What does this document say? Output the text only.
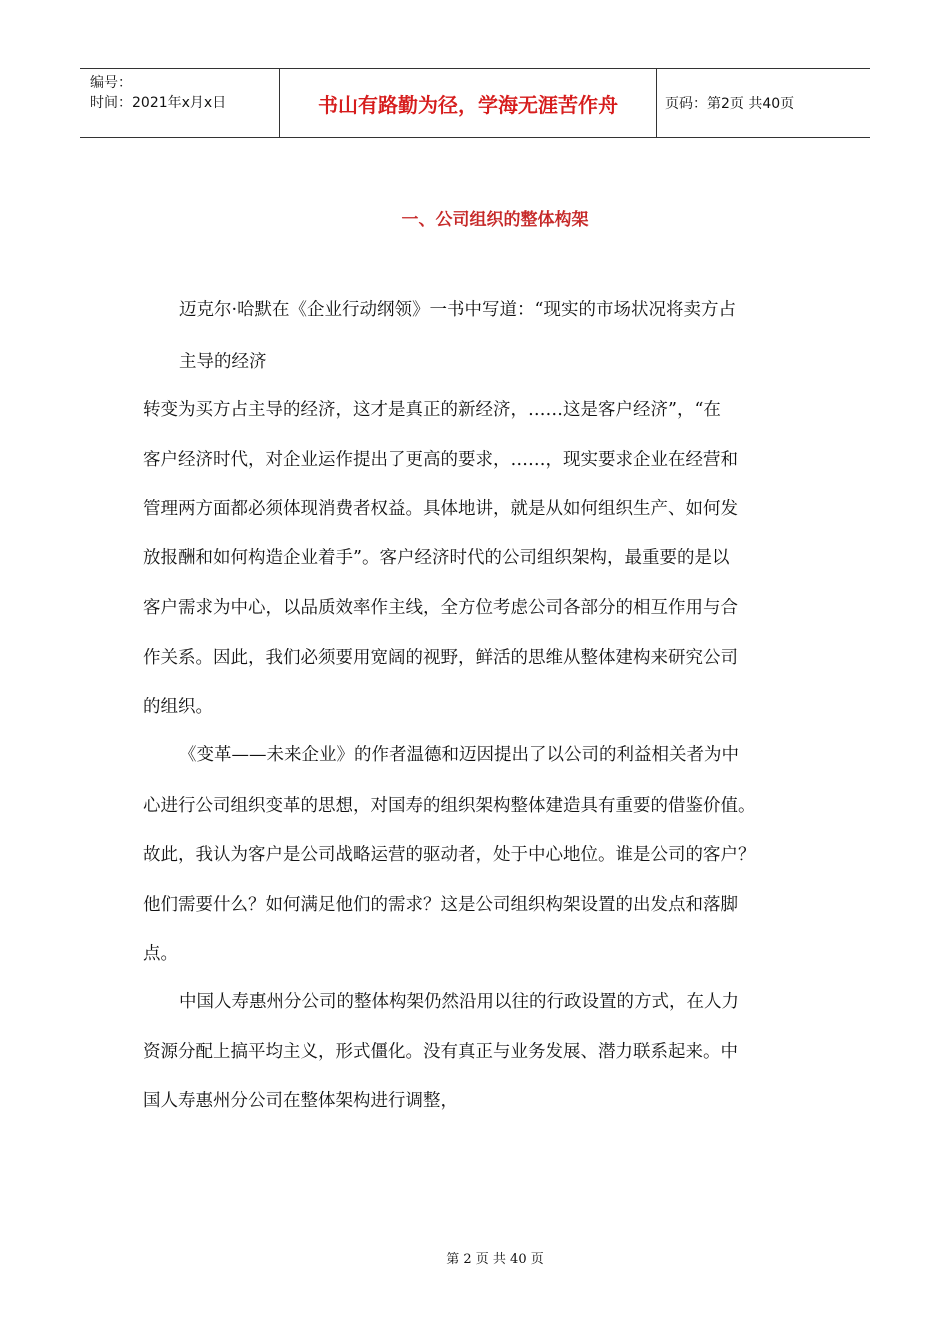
编号：
时间：2021年x月x日	书山有路勤为径，学海无涯苦作舟	页码：第2页 共40页
一、公司组织的整体构架
迈克尔·哈默在《企业行动纲领》一书中写道：“现实的市场状况将卖方占
主导的经济
转变为买方占主导的经济，这才是真正的新经济，……这是客户经济”，“在
客户经济时代，对企业运作提出了更高的要求，……，现实要求企业在经营和
管理两方面都必须体现消费者权益。具体地讲，就是从如何组织生产、如何发
放报酬和如何构造企业着手”。客户经济时代的公司组织架构，最重要的是以
客户需求为中心，以品质效率作主线，全方位考虑公司各部分的相互作用与合
作关系。因此，我们必须要用宽阔的视野，鲜活的思维从整体建构来研究公司
的组织。
《变革——未来企业》的作者温德和迈因提出了以公司的利益相关者为中
心进行公司组织变革的思想，对国寿的组织架构整体建造具有重要的借鉴价值。
故此，我认为客户是公司战略运营的驱动者，处于中心地位。谁是公司的客户？
他们需要什么？如何满足他们的需求？这是公司组织构架设置的出发点和落脚
点。
中国人寿惠州分公司的整体构架仍然沿用以往的行政设置的方式，在人力
资源分配上搞平均主义，形式僵化。没有真正与业务发展、潜力联系起来。中
国人寿惠州分公司在整体架构进行调整，
第 2 页 共 40 页
